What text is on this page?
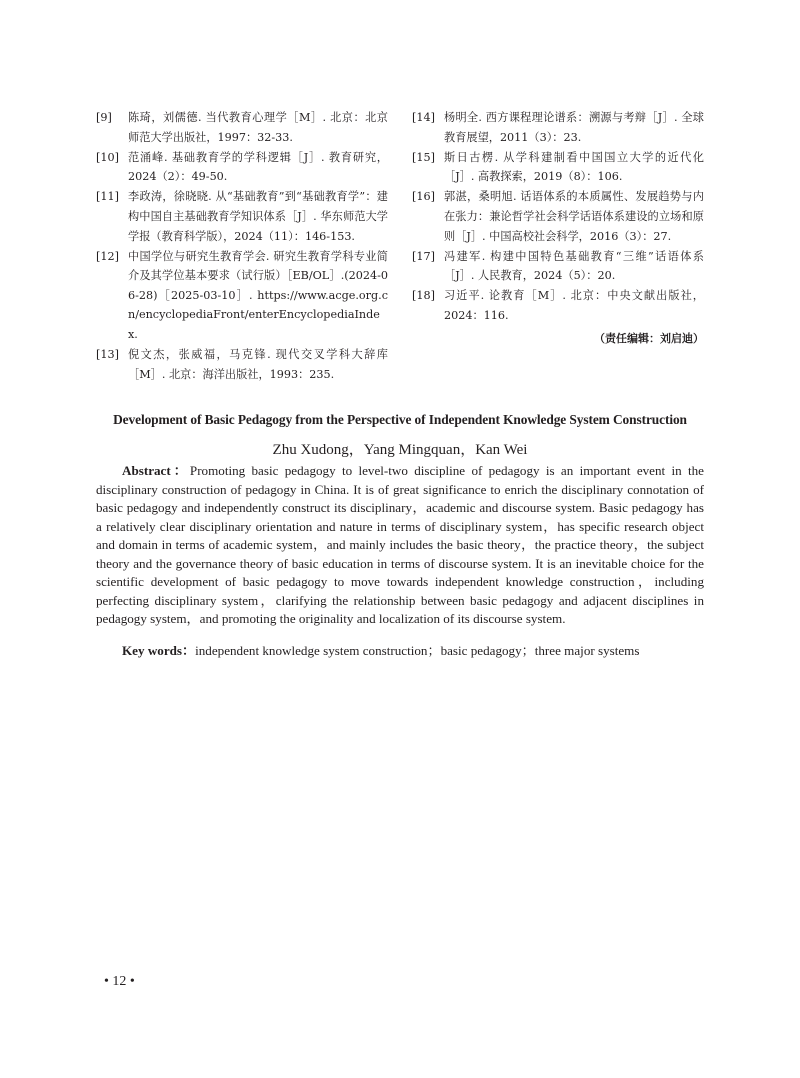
[9] 陈琦，刘儒德. 当代教育心理学［M］. 北京：北京师范大学出版社，1997：32-33.
[10] 范涌峰. 基础教育学的学科逻辑［J］. 教育研究，2024（2）：49-50.
[11] 李政涛，徐晓晓. 从“基础教育”到“基础教育学”：建构中国自主基础教育学知识体系［J］. 华东师范大学学报（教育科学版），2024（11）：146-153.
[12] 中国学位与研究生教育学会. 研究生教育学科专业简介及其学位基本要求（试行版）［EB/OL］.(2024-06-28)［2025-03-10］. https://www.acge.org.cn/encyclopediaFront/enterEncyclopediaIndex.
[13] 倪文杰，张威福，马克锋. 现代交叉学科大辞库［M］. 北京：海洋出版社，1993：235.
[14] 杨明全. 西方课程理论谱系：溯源与考辩［J］. 全球教育展望，2011（3）：23.
[15] 斯日古楞. 从学科建制看中国国立大学的近代化［J］. 高教探索，2019（8）：106.
[16] 郭湛，桑明旭. 话语体系的本质属性、发展趋势与内在张力：兼论哲学社会科学话语体系建设的立场和原则［J］. 中国高校社会科学，2016（3）：27.
[17] 冯建军. 构建中国特色基础教育“三维”话语体系［J］. 人民教育，2024（5）：20.
[18] 习近平. 论教育［M］. 北京：中央文献出版社，2024：116.
（责任编辑：刘启迪）
Development of Basic Pedagogy from the Perspective of Independent Knowledge System Construction
Zhu Xudong，Yang Mingquan，Kan Wei
Abstract：Promoting basic pedagogy to level-two discipline of pedagogy is an important event in the disciplinary construction of pedagogy in China. It is of great significance to enrich the disciplinary connotation of basic pedagogy and independently construct its disciplinary，academic and discourse system. Basic pedagogy has a relatively clear disciplinary orientation and nature in terms of disciplinary system，has specific research object and domain in terms of academic system，and mainly includes the basic theory，the practice theory，the subject theory and the governance theory of basic education in terms of discourse system. It is an inevitable choice for the scientific development of basic pedagogy to move towards independent knowledge construction，including perfecting disciplinary system，clarifying the relationship between basic pedagogy and adjacent disciplines in pedagogy system，and promoting the originality and localization of its discourse system.
Key words：independent knowledge system construction；basic pedagogy；three major systems
• 12 •
